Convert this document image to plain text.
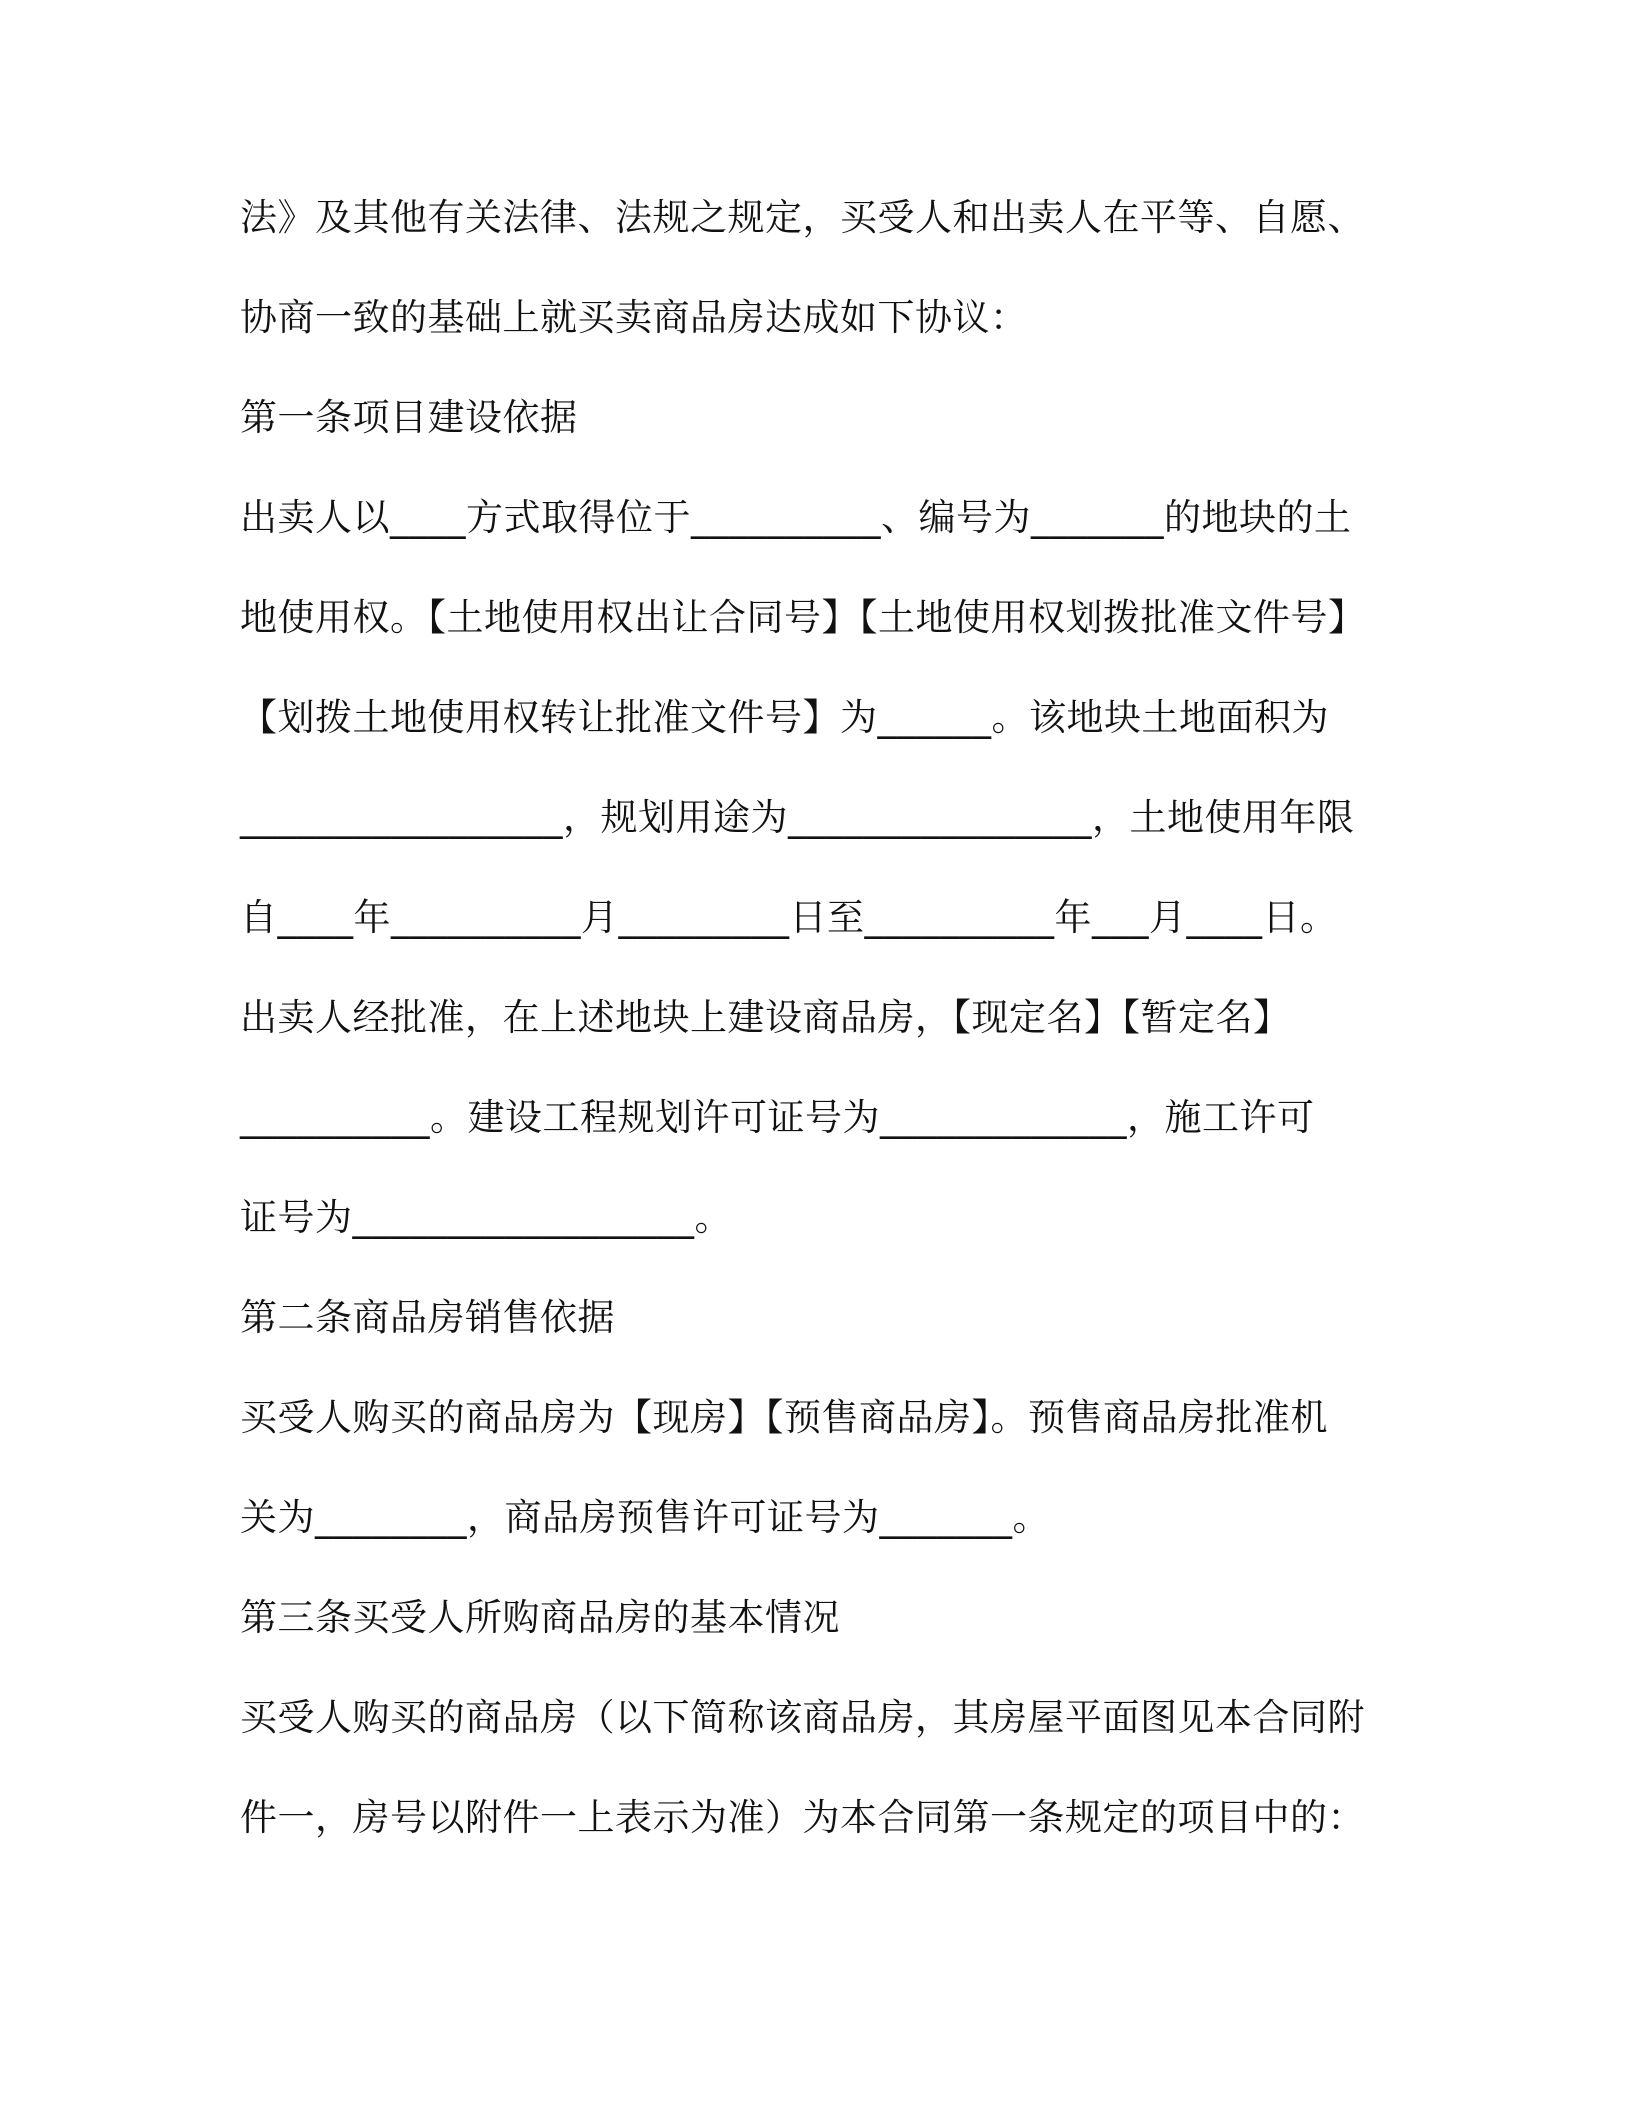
法》及其他有关法律、法规之规定，买受人和出卖人在平等、自愿、
协商一致的基础上就买卖商品房达成如下协议：
第一条项目建设依据
出卖人以____方式取得位于__________、编号为_______的地块的土
地使用权。【土地使用权出让合同号】【土地使用权划拨批准文件号】
【划拨土地使用权转让批准文件号】为______。该地块土地面积为
_________________，规划用途为________________，土地使用年限
自____年__________月_________日至__________年___月____日。
出卖人经批准，在上述地块上建设商品房，【现定名】【暂定名】
__________。建设工程规划许可证号为_____________，施工许可
证号为__________________。
第二条商品房销售依据
买受人购买的商品房为【现房】【预售商品房】。预售商品房批准机
关为________，商品房预售许可证号为_______。
第三条买受人所购商品房的基本情况
买受人购买的商品房（以下简称该商品房，其房屋平面图见本合同附
件一，房号以附件一上表示为准）为本合同第一条规定的项目中的：
